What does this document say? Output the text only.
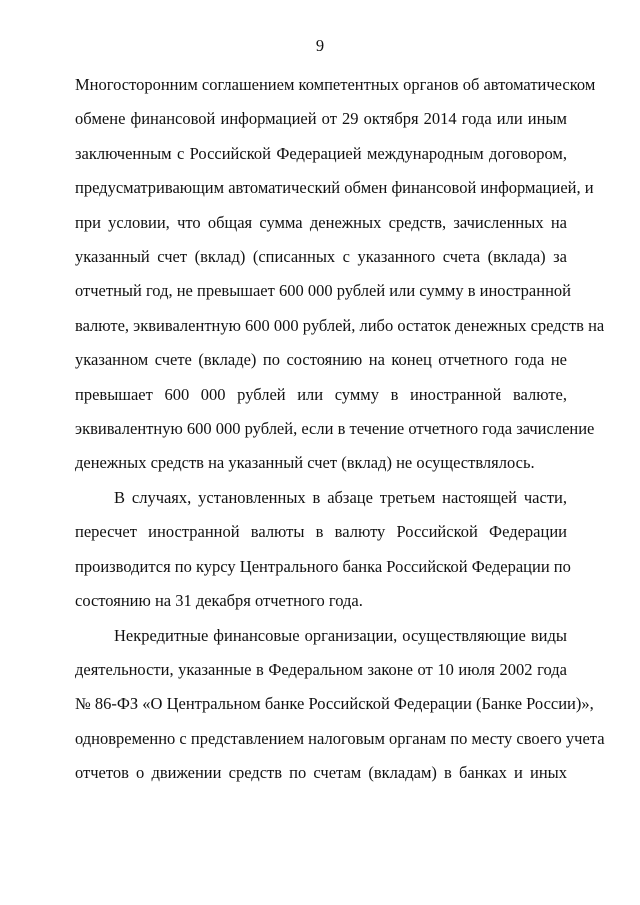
9

Многосторонним соглашением компетентных органов об автоматическом
обмене финансовой информацией от 29 октября 2014 года или иным
заключенным с Российской Федерацией международным договором,
предусматривающим автоматический обмен финансовой информацией, и
при условии, что общая сумма денежных средств, зачисленных на
указанный счет (вклад) (списанных с указанного счета (вклада) за
отчетный год, не превышает 600 000 рублей или сумму в иностранной
валюте, эквивалентную 600 000 рублей, либо остаток денежных средств на
указанном счете (вкладе) по состоянию на конец отчетного года не
превышает 600 000 рублей или сумму в иностранной валюте,
эквивалентную 600 000 рублей, если в течение отчетного года зачисление
денежных средств на указанный счет (вклад) не осуществлялось.

В случаях, установленных в абзаце третьем настоящей части,
пересчет иностранной валюты в валюту Российской Федерации
производится по курсу Центрального банка Российской Федерации по
состоянию на 31 декабря отчетного года.

Некредитные финансовые организации, осуществляющие виды
деятельности, указанные в Федеральном законе от 10 июля 2002 года
№ 86-ФЗ «О Центральном банке Российской Федерации (Банке России)»,
одновременно с представлением налоговым органам по месту своего учета
отчетов о движении средств по счетам (вкладам) в банках и иных
